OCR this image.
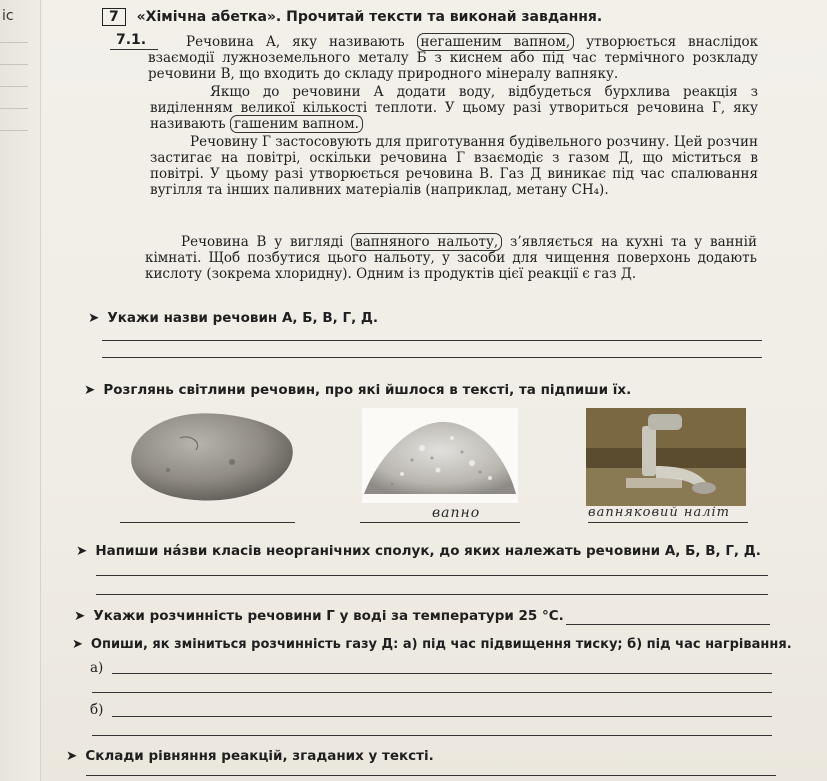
іс	7 «Хімічна абетка». Прочитай тексти та виконай завдання.
7.1.	Речовина А, яку називають негашеним вапном, утворюється внаслідок взаємодії лужноземельного металу Б з киснем або під час термічного розкладу речовини В, що входить до складу природного мінералу вапняку.

Якщо до речовини А додати воду, відбудеться бурхлива реакція з виділенням великої кількості теплоти. У цьому разі утвориться речовина Г, яку називають гашеним вапном.

Речовину Г застосовують для приготування будівельного розчину. Цей розчин застигає на повітрі, оскільки речовина Г взаємодіє з газом Д, що міститься в повітрі. У цьому разі утворюється речовина В. Газ Д виникає під час спалювання вугілля та інших паливних матеріалів (наприклад, метану CH₄).

Речовина В у вигляді вапняного нальоту, з’являється на кухні та у ванній кімнаті. Щоб позбутися цього нальоту, у засоби для чищення поверхонь додають кислоту (зокрема хлоридну). Одним із продуктів цієї реакції є газ Д.

➤ Укажи назви речовин А, Б, В, Г, Д.
➤ Розглянь світлини речовин, про які йшлося в тексті, та підпиши їх.
вапно	вапняковий наліт
➤ Напиши на́зви класів неорганічних сполук, до яких належать речовини А, Б, В, Г, Д.
➤ Укажи розчинність речовини Г у воді за температури 25 °C.
➤ Опиши, як зміниться розчинність газу Д: а) під час підвищення тиску; б) під час нагрівання.
а)
б)
➤ Склади рівняння реакцій, згаданих у тексті.
